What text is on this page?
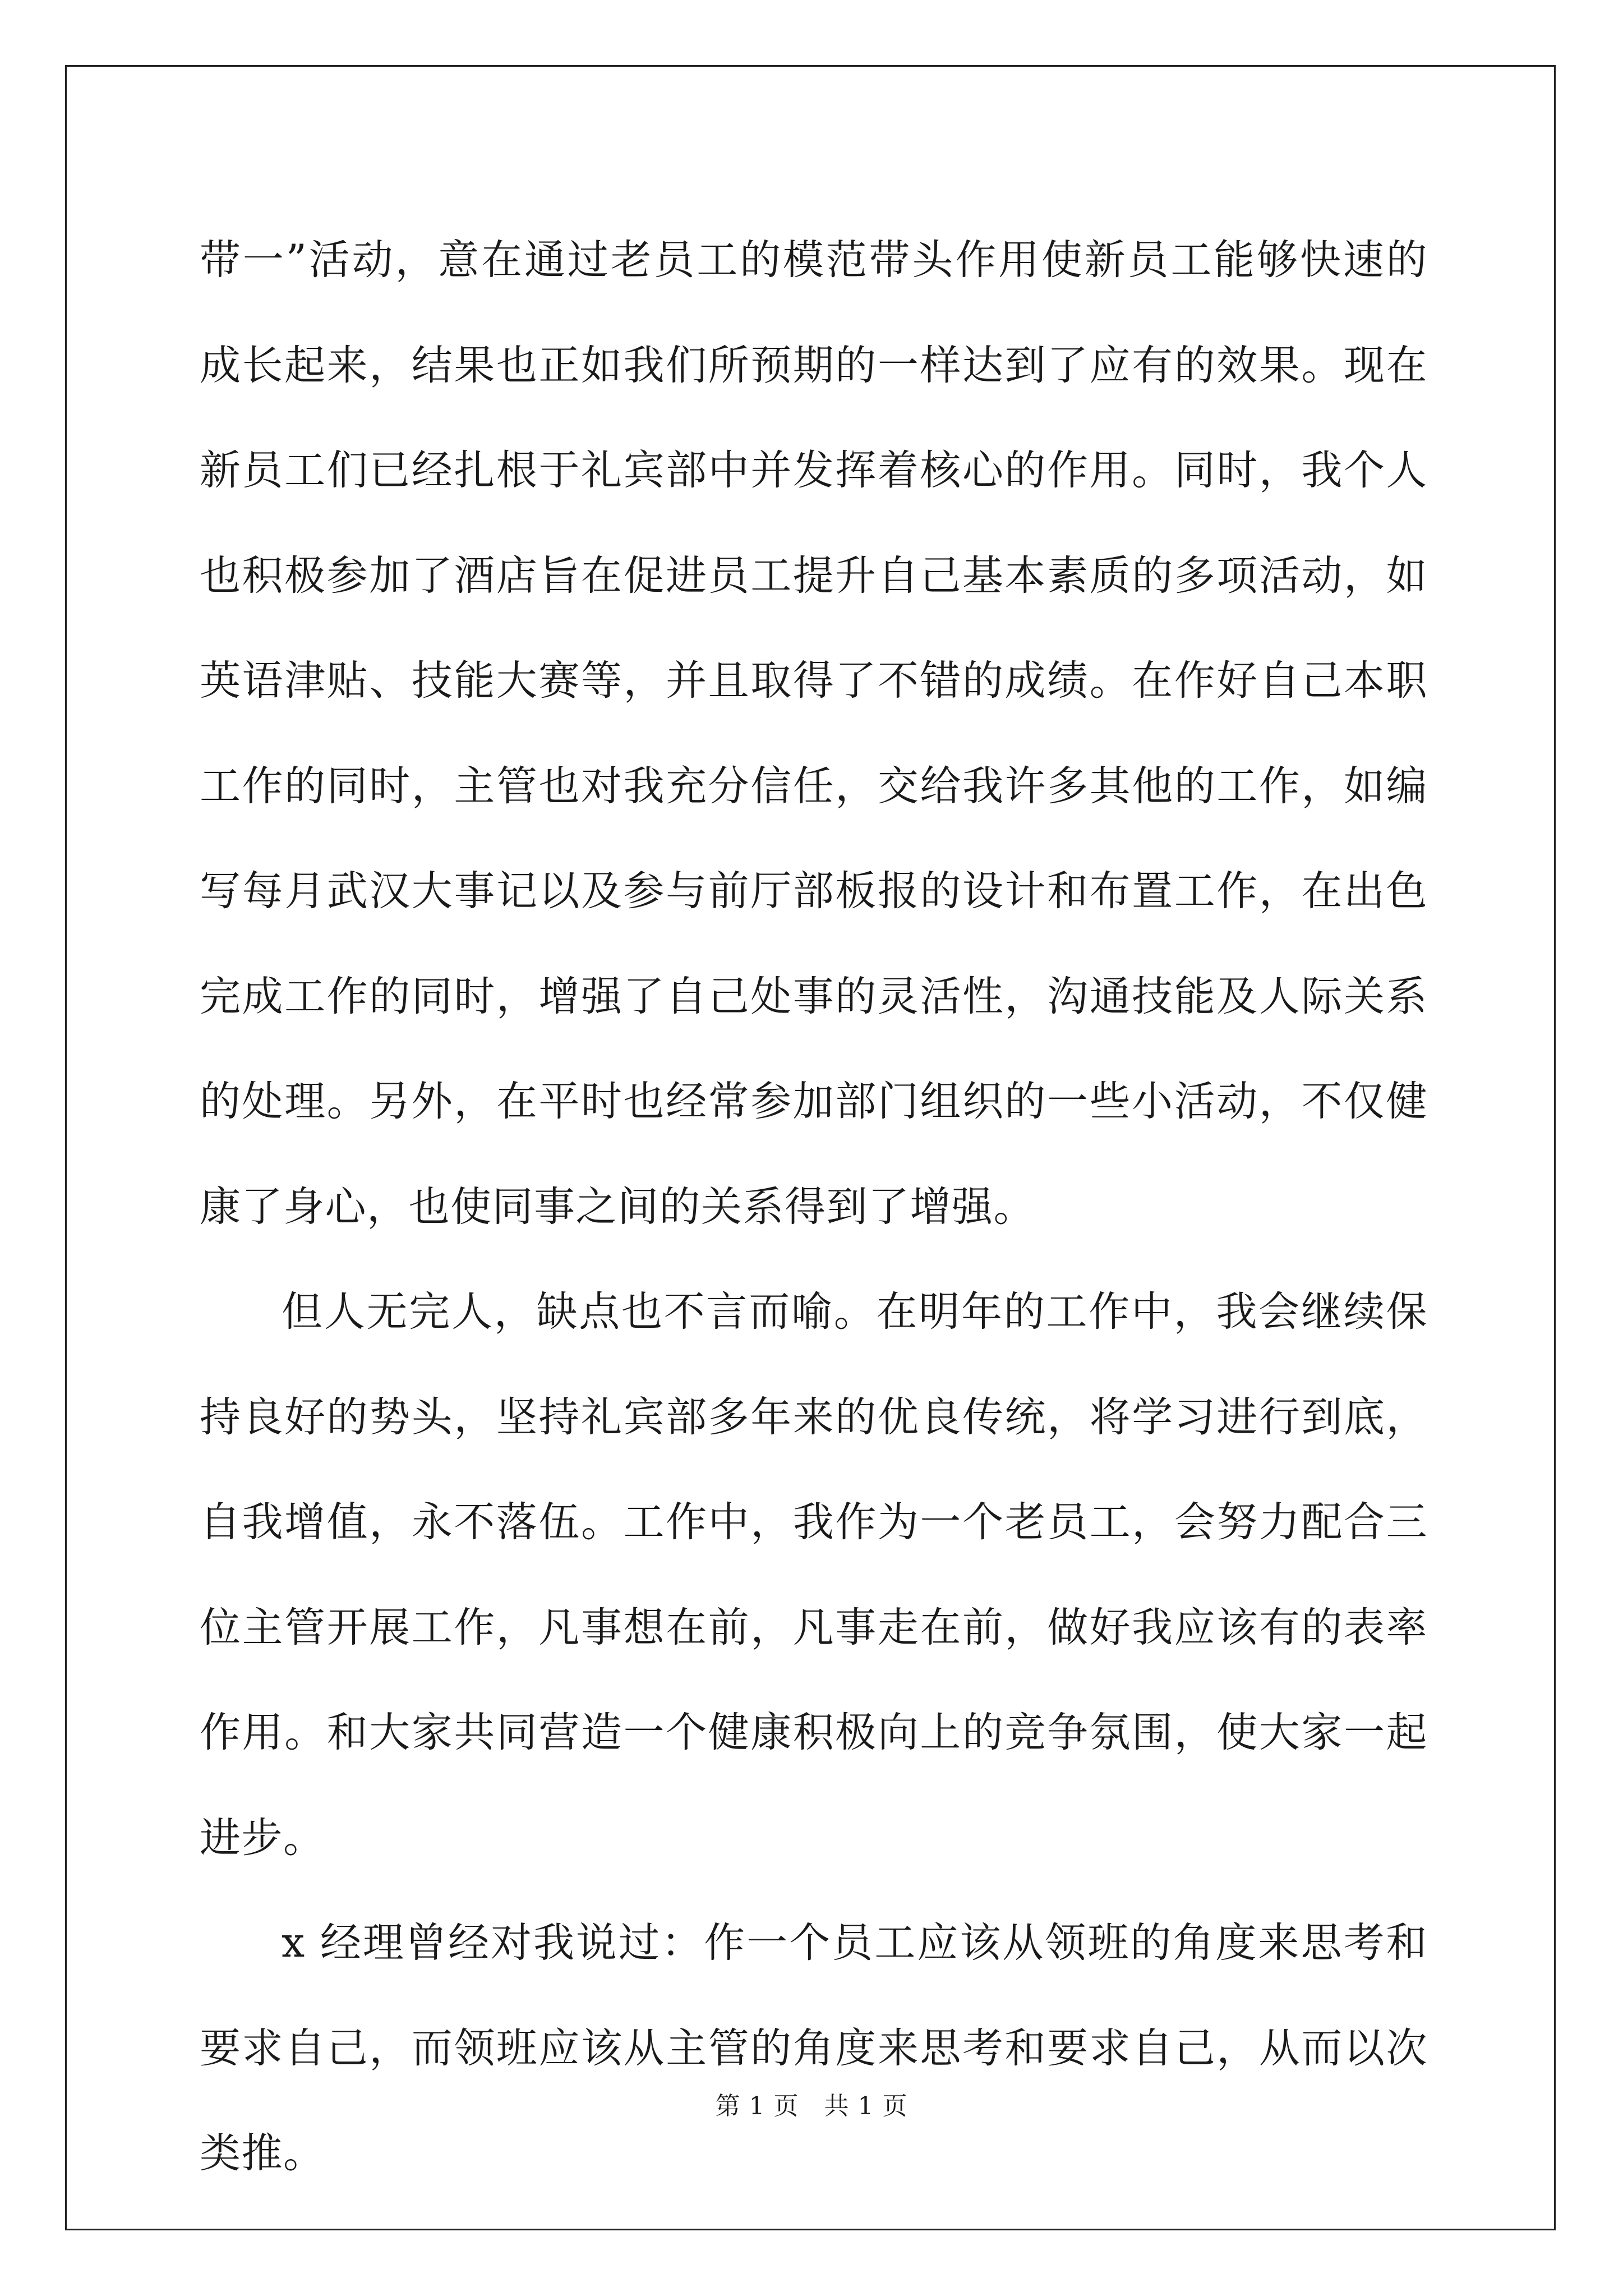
带一”活动，意在通过老员工的模范带头作用使新员工能够快速的成长起来，结果也正如我们所预期的一样达到了应有的效果。现在新员工们已经扎根于礼宾部中并发挥着核心的作用。同时，我个人也积极参加了酒店旨在促进员工提升自己基本素质的多项活动，如英语津贴、技能大赛等，并且取得了不错的成绩。在作好自己本职工作的同时，主管也对我充分信任，交给我许多其他的工作，如编写每月武汉大事记以及参与前厅部板报的设计和布置工作，在出色完成工作的同时，增强了自己处事的灵活性，沟通技能及人际关系的处理。另外，在平时也经常参加部门组织的一些小活动，不仅健康了身心，也使同事之间的关系得到了增强。

但人无完人，缺点也不言而喻。在明年的工作中，我会继续保持良好的势头，坚持礼宾部多年来的优良传统，将学习进行到底，自我增值，永不落伍。工作中，我作为一个老员工，会努力配合三位主管开展工作，凡事想在前，凡事走在前，做好我应该有的表率作用。和大家共同营造一个健康积极向上的竞争氛围，使大家一起进步。

x 经理曾经对我说过：作一个员工应该从领班的角度来思考和要求自己，而领班应该从主管的角度来思考和要求自己，从而以次类推。

第 1 页　共 1 页
